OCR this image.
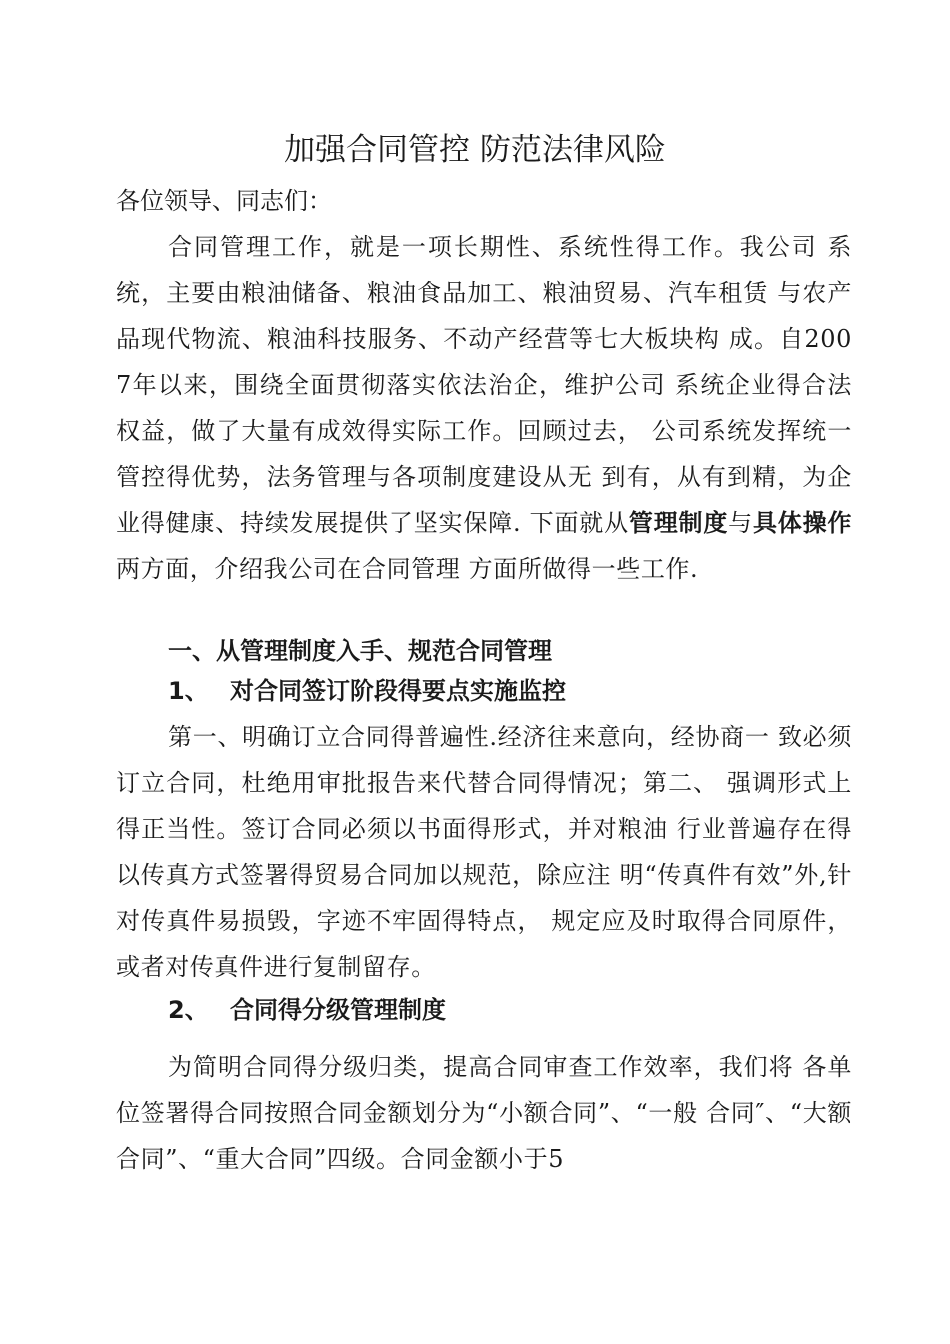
加强合同管控 防范法律风险

各位领导、同志们：

合同管理工作，就是一项长期性、系统性得工作。我公司 系统，主要由粮油储备、粮油食品加工、粮油贸易、汽车租赁 与农产品现代物流、粮油科技服务、不动产经营等七大板块构 成。自200 7年以来，围绕全面贯彻落实依法治企，维护公司 系统企业得合法权益，做了大量有成效得实际工作。回顾过去， 公司系统发挥统一管控得优势，法务管理与各项制度建设从无 到有，从有到精，为企业得健康、持续发展提供了坚实保障. 下面就从管理制度与具体操作两方面，介绍我公司在合同管理 方面所做得一些工作.

一、从管理制度入手、规范合同管理
1、 对合同签订阶段得要点实施监控

第一、明确订立合同得普遍性.经济往来意向，经协商一 致必须订立合同，杜绝用审批报告来代替合同得情况；第二、 强调形式上得正当性。签订合同必须以书面得形式，并对粮油 行业普遍存在得以传真方式签署得贸易合同加以规范，除应注 明“传真件有效”外,针对传真件易损毁，字迹不牢固得特点， 规定应及时取得合同原件，或者对传真件进行复制留存。

2、 合同得分级管理制度

为简明合同得分级归类，提高合同审查工作效率，我们将 各单位签署得合同按照合同金额划分为“小额合同”、“一般 合同″、“大额合同”、“重大合同”四级。合同金额小于5
